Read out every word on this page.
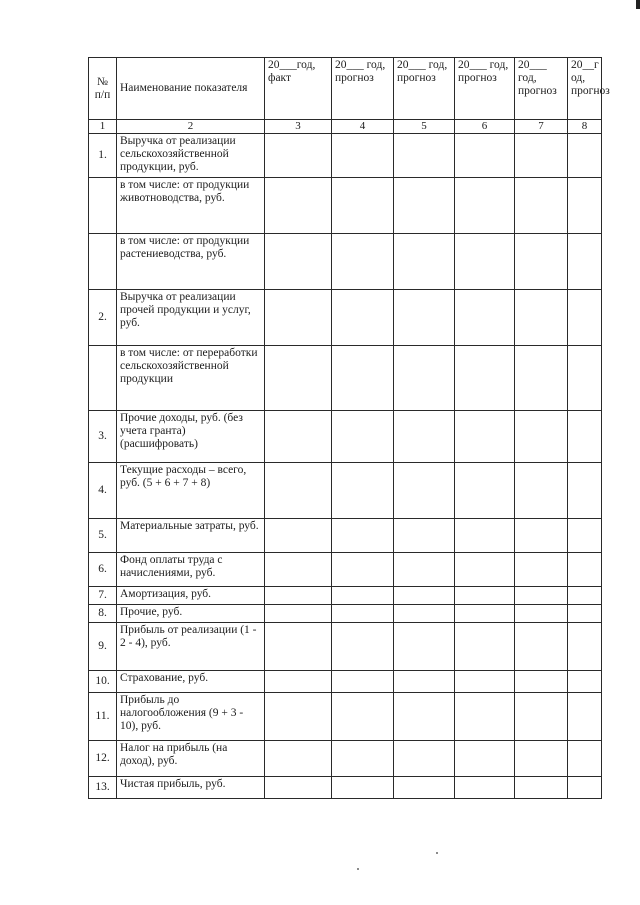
№ п/п	Наименование показателя	20___год, факт	20___ год, прогноз	20___ год, прогноз	20___ год, прогноз	20___ год, прогноз	20__г од, прогноз
1	2	3	4	5	6	7	8
1.	Выручка от реализации сельскохозяйственной продукции, руб.						
	в том числе: от продукции животноводства, руб.						
	в том числе: от продукции растениеводства, руб.						
2.	Выручка от реализации прочей продукции и услуг, руб.						
	в том числе: от переработки сельскохозяйственной продукции						
3.	Прочие доходы, руб. (без учета гранта) (расшифровать)						
4.	Текущие расходы – всего, руб. (5 + 6 + 7 + 8)						
5.	Материальные затраты, руб.						
6.	Фонд оплаты труда с начислениями, руб.						
7.	Амортизация, руб.						
8.	Прочие, руб.						
9.	Прибыль от реализации (1 - 2 - 4), руб.						
10.	Страхование, руб.						
11.	Прибыль до налогообложения (9 + 3 - 10), руб.						
12.	Налог на прибыль (на доход), руб.						
13.	Чистая прибыль, руб.						
